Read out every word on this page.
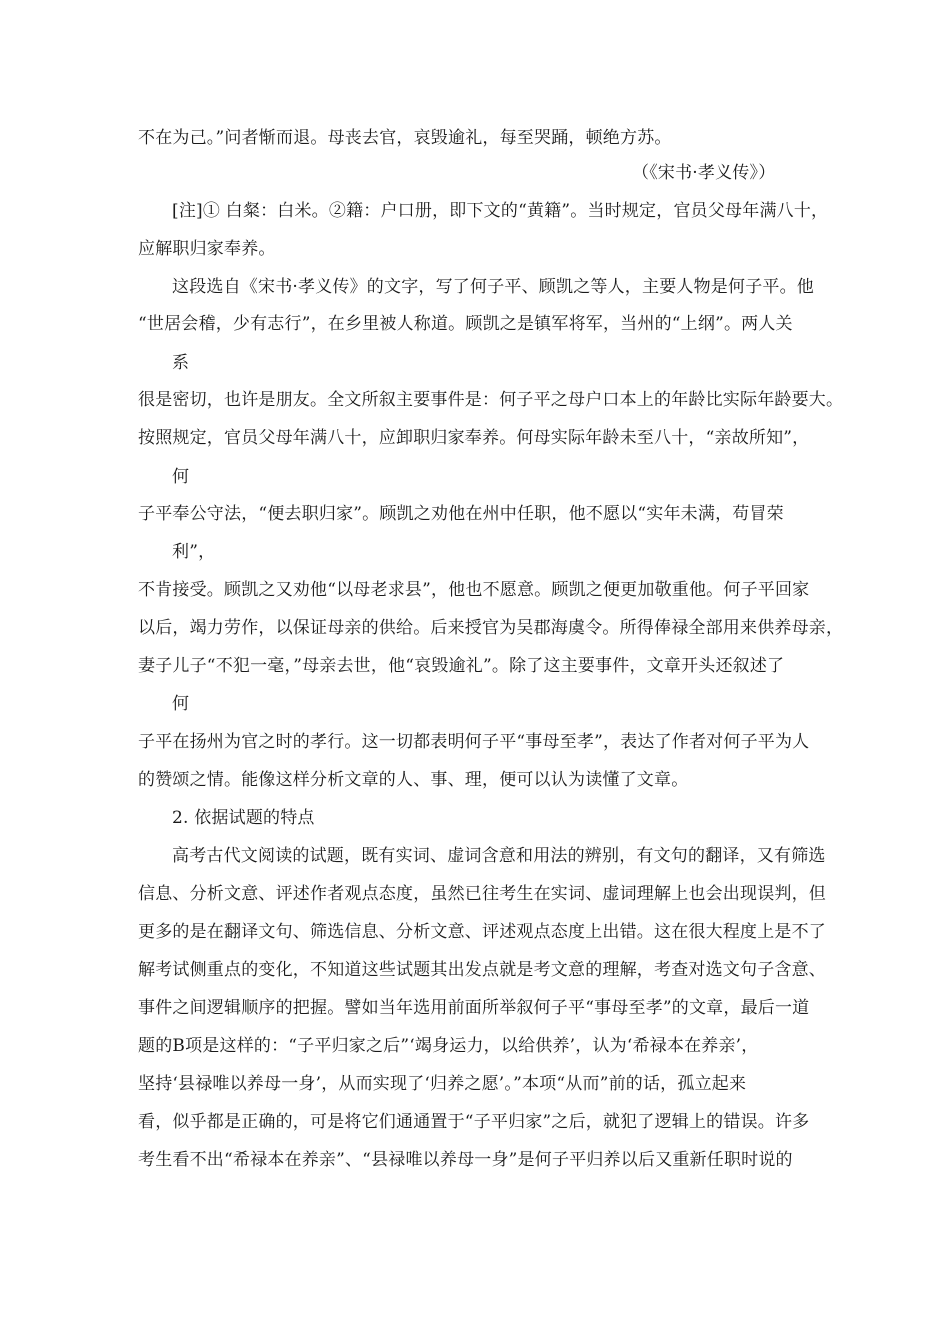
不在为己。”问者惭而退。母丧去官，哀毁逾礼，每至哭踊，顿绝方苏。
（《宋书·孝义传》）
[注]① 白粲：白米。②籍：户口册，即下文的“黄籍”。当时规定，官员父母年满八十，
应解职归家奉养。
这段选自《宋书·孝义传》的文字，写了何子平、顾凯之等人，主要人物是何子平。他
“世居会稽，少有志行”，在乡里被人称道。顾凯之是镇军将军，当州的“上纲”。两人关
系
很是密切，也许是朋友。全文所叙主要事件是：何子平之母户口本上的年龄比实际年龄要大。
按照规定，官员父母年满八十，应卸职归家奉养。何母实际年龄未至八十，“亲故所知”，
何
子平奉公守法，“便去职归家”。顾凯之劝他在州中任职，他不愿以“实年未满，苟冒荣
利”，
不肯接受。顾凯之又劝他“以母老求县”，他也不愿意。顾凯之便更加敬重他。何子平回家
以后，竭力劳作，以保证母亲的供给。后来授官为吴郡海虞令。所得俸禄全部用来供养母亲，
妻子儿子“不犯一毫，”母亲去世，他“哀毁逾礼”。除了这主要事件，文章开头还叙述了
何
子平在扬州为官之时的孝行。这一切都表明何子平“事母至孝”，表达了作者对何子平为人
的赞颂之情。能像这样分析文章的人、事、理，便可以认为读懂了文章。
2. 依据试题的特点
高考古代文阅读的试题，既有实词、虚词含意和用法的辨别，有文句的翻译，又有筛选
信息、分析文意、评述作者观点态度，虽然已往考生在实词、虚词理解上也会出现误判，但
更多的是在翻译文句、筛选信息、分析文意、评述观点态度上出错。这在很大程度上是不了
解考试侧重点的变化，不知道这些试题其出发点就是考文意的理解，考查对选文句子含意、
事件之间逻辑顺序的把握。譬如当年选用前面所举叙何子平“事母至孝”的文章，最后一道
题的B项是这样的：“子平归家之后”‘竭身运力，以给供养’，认为‘希禄本在养亲’，
坚持‘县禄唯以养母一身’，从而实现了‘归养之愿’。”本项“从而”前的话，孤立起来
看，似乎都是正确的，可是将它们通通置于“子平归家”之后，就犯了逻辑上的错误。许多
考生看不出“希禄本在养亲”、“县禄唯以养母一身”是何子平归养以后又重新任职时说的
